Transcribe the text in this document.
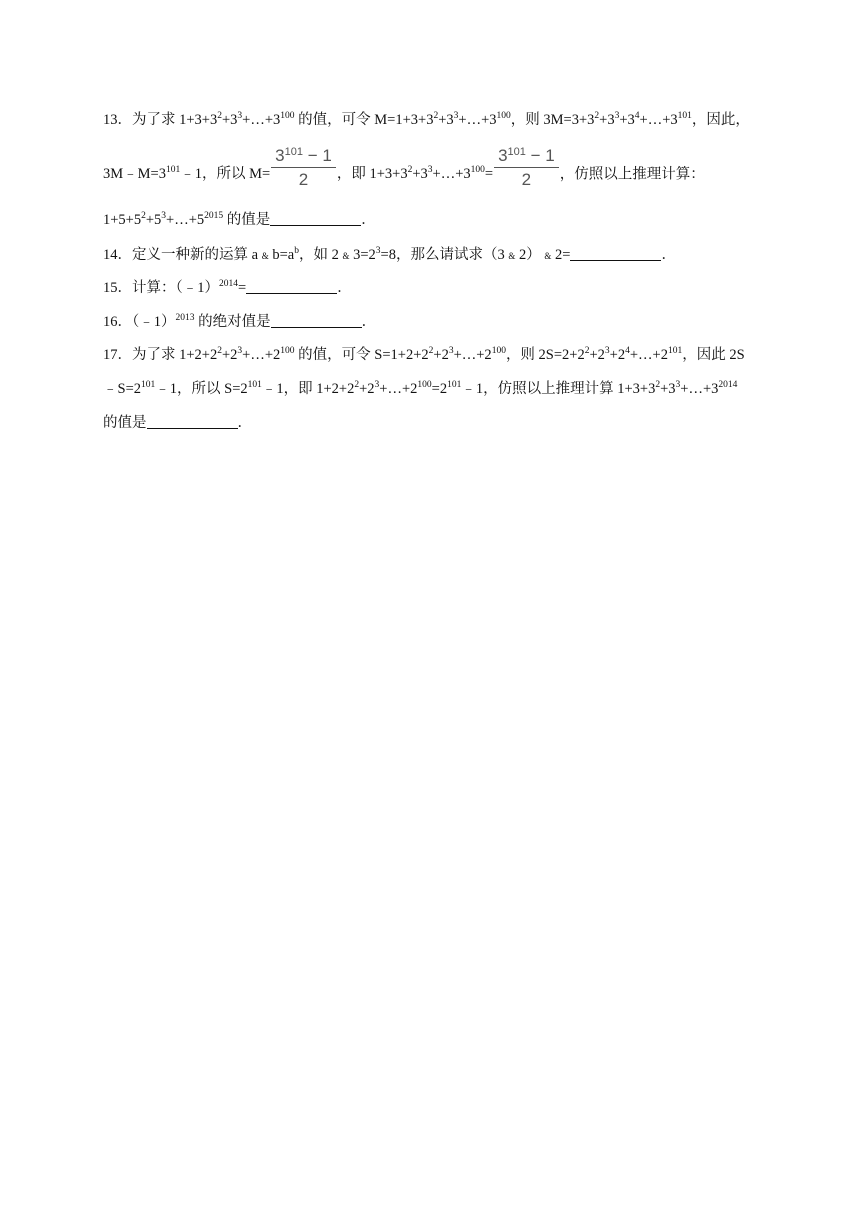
13．为了求 $1+3+3^2+3^3+\dots+3^{100}$ 的值，可令 $M=1+3+3^2+3^3+\dots+3^{100}$，则 $3M=3+3^2+3^3+3^4+\dots+3^{101}$，因此，
$3M﹣M=3^{101}﹣1$，所以 $M= \frac{3^{101} - 1}{2}$ ，即 $1+3+3^2+3^3+\dots+3^{100}= \frac{3^{101} - 1}{2}$ ，仿照以上推理计算：
$1+5+5^2+5^3+\dots+5^{2015}$ 的值是	．
14．定义一种新的运算 a & $b=a^b$，如 2 & $3=2^3=8$，那么请试求（3 & 2） & 2=	．
15．计算：（﹣1）$^{2014}$=	．
16．（﹣1）$^{2013}$ 的绝对值是	．
17．为了求 $1+2+2^2+2^3+\dots+2^{100}$ 的值，可令 $S=1+2+2^2+2^3+\dots+2^{100}$，则 $2S=2+2^2+2^3+2^4+\dots+2^{101}$，因此 2S
$﹣S=2^{101}﹣1$，所以 $S=2^{101}﹣1$，即 $1+2+2^2+2^3+\dots+2^{100}=2^{101}﹣1$，仿照以上推理计算 $1+3+3^2+3^3+\dots+3^{2014}$
的值是	．
